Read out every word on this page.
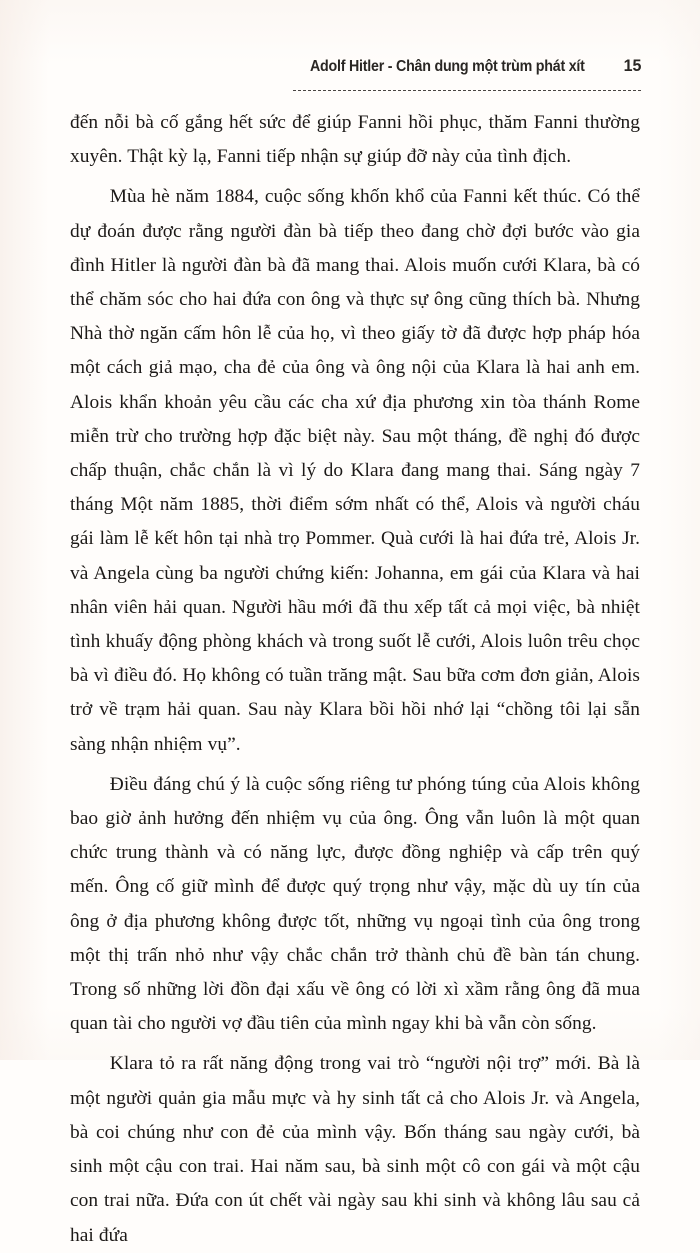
Adolf Hitler - Chân dung một trùm phát xít 15

đến nỗi bà cố gắng hết sức để giúp Fanni hồi phục, thăm Fanni thường xuyên. Thật kỳ lạ, Fanni tiếp nhận sự giúp đỡ này của tình địch.

Mùa hè năm 1884, cuộc sống khốn khổ của Fanni kết thúc. Có thể dự đoán được rằng người đàn bà tiếp theo đang chờ đợi bước vào gia đình Hitler là người đàn bà đã mang thai. Alois muốn cưới Klara, bà có thể chăm sóc cho hai đứa con ông và thực sự ông cũng thích bà. Nhưng Nhà thờ ngăn cấm hôn lễ của họ, vì theo giấy tờ đã được hợp pháp hóa một cách giả mạo, cha đẻ của ông và ông nội của Klara là hai anh em. Alois khẩn khoản yêu cầu các cha xứ địa phương xin tòa thánh Rome miễn trừ cho trường hợp đặc biệt này. Sau một tháng, đề nghị đó được chấp thuận, chắc chắn là vì lý do Klara đang mang thai. Sáng ngày 7 tháng Một năm 1885, thời điểm sớm nhất có thể, Alois và người cháu gái làm lễ kết hôn tại nhà trọ Pommer. Quà cưới là hai đứa trẻ, Alois Jr. và Angela cùng ba người chứng kiến: Johanna, em gái của Klara và hai nhân viên hải quan. Người hầu mới đã thu xếp tất cả mọi việc, bà nhiệt tình khuấy động phòng khách và trong suốt lễ cưới, Alois luôn trêu chọc bà vì điều đó. Họ không có tuần trăng mật. Sau bữa cơm đơn giản, Alois trở về trạm hải quan. Sau này Klara bồi hồi nhớ lại “chồng tôi lại sẵn sàng nhận nhiệm vụ”.

Điều đáng chú ý là cuộc sống riêng tư phóng túng của Alois không bao giờ ảnh hưởng đến nhiệm vụ của ông. Ông vẫn luôn là một quan chức trung thành và có năng lực, được đồng nghiệp và cấp trên quý mến. Ông cố giữ mình để được quý trọng như vậy, mặc dù uy tín của ông ở địa phương không được tốt, những vụ ngoại tình của ông trong một thị trấn nhỏ như vậy chắc chắn trở thành chủ đề bàn tán chung. Trong số những lời đồn đại xấu về ông có lời xì xầm rằng ông đã mua quan tài cho người vợ đầu tiên của mình ngay khi bà vẫn còn sống.

Klara tỏ ra rất năng động trong vai trò “người nội trợ” mới. Bà là một người quản gia mẫu mực và hy sinh tất cả cho Alois Jr. và Angela, bà coi chúng như con đẻ của mình vậy. Bốn tháng sau ngày cưới, bà sinh một cậu con trai. Hai năm sau, bà sinh một cô con gái và một cậu con trai nữa. Đứa con út chết vài ngày sau khi sinh và không lâu sau cả hai đứa
